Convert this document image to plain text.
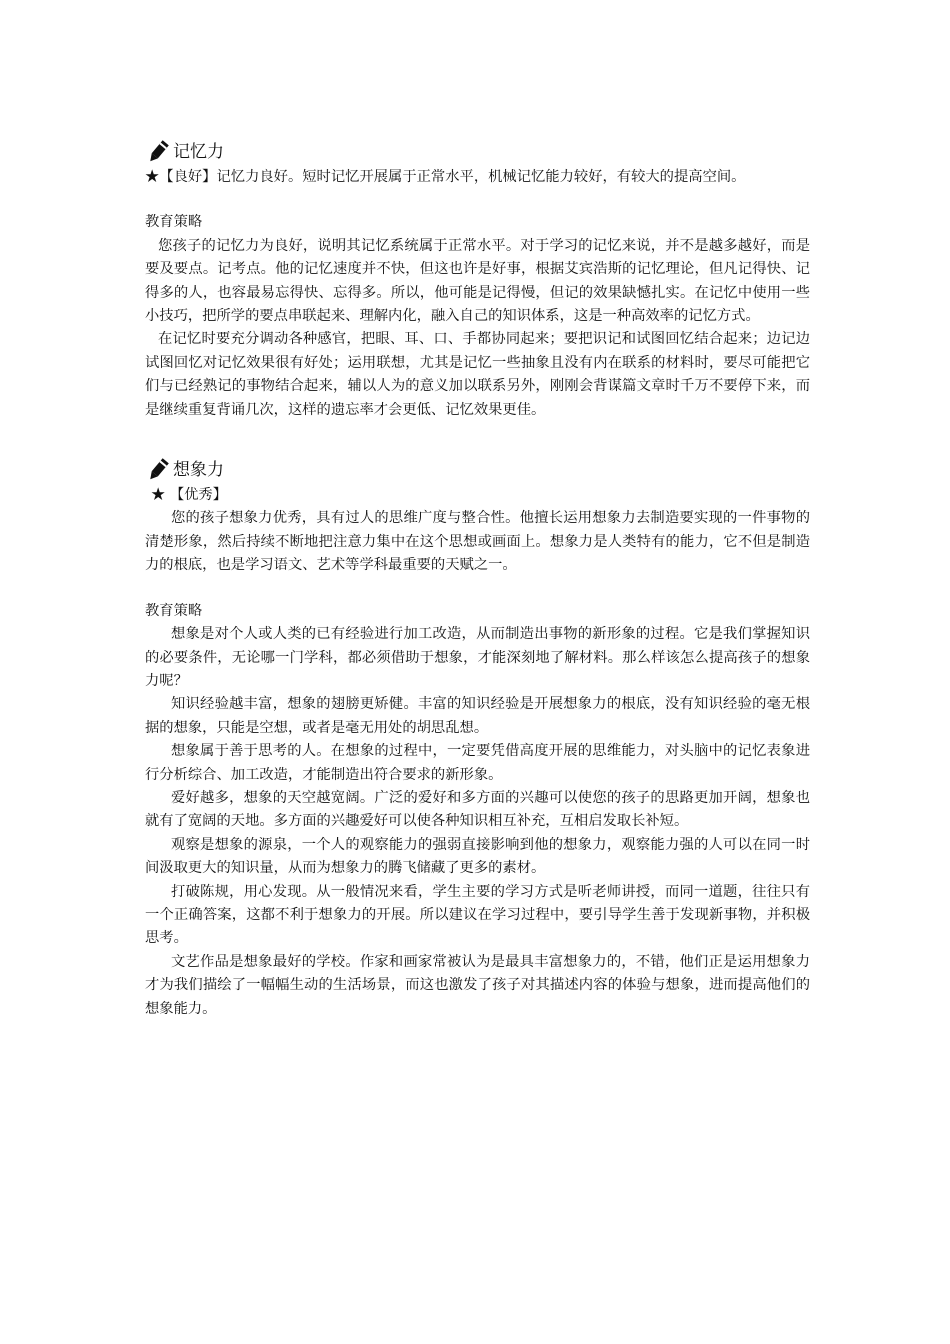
记忆力

★【良好】记忆力良好。短时记忆开展属于正常水平，机械记忆能力较好，有较大的提高空间。

教育策略

您孩子的记忆力为良好，说明其记忆系统属于正常水平。对于学习的记忆来说，并不是越多越好，而是要及要点。记考点。他的记忆速度并不快，但这也许是好事，根据艾宾浩斯的记忆理论，但凡记得快、记得多的人，也容最易忘得快、忘得多。所以，他可能是记得慢，但记的效果缺憾扎实。在记忆中使用一些小技巧，把所学的要点串联起来、理解内化，融入自己的知识体系，这是一种高效率的记忆方式。

在记忆时要充分调动各种感官，把眼、耳、口、手都协同起来；要把识记和试图回忆结合起来；边记边试图回忆对记忆效果很有好处；运用联想，尤其是记忆一些抽象且没有内在联系的材料时，要尽可能把它们与已经熟记的事物结合起来，辅以人为的意义加以联系另外，刚刚会背谋篇文章时千万不要停下来，而是继续重复背诵几次，这样的遗忘率才会更低、记忆效果更佳。

想象力

★ 【优秀】

您的孩子想象力优秀，具有过人的思维广度与整合性。他擅长运用想象力去制造要实现的一件事物的清楚形象，然后持续不断地把注意力集中在这个思想或画面上。想象力是人类特有的能力，它不但是制造力的根底，也是学习语文、艺术等学科最重要的天赋之一。

教育策略

想象是对个人或人类的已有经验进行加工改造，从而制造出事物的新形象的过程。它是我们掌握知识的必要条件，无论哪一门学科，都必须借助于想象，才能深刻地了解材料。那么样该怎么提高孩子的想象力呢？

知识经验越丰富，想象的翅膀更矫健。丰富的知识经验是开展想象力的根底，没有知识经验的毫无根据的想象，只能是空想，或者是毫无用处的胡思乱想。

想象属于善于思考的人。在想象的过程中，一定要凭借高度开展的思维能力，对头脑中的记忆表象进行分析综合、加工改造，才能制造出符合要求的新形象。

爱好越多，想象的天空越宽阔。广泛的爱好和多方面的兴趣可以使您的孩子的思路更加开阔，想象也就有了宽阔的天地。多方面的兴趣爱好可以使各种知识相互补充，互相启发取长补短。

观察是想象的源泉，一个人的观察能力的强弱直接影响到他的想象力，观察能力强的人可以在同一时间汲取更大的知识量，从而为想象力的腾飞储藏了更多的素材。

打破陈规，用心发现。从一般情况来看，学生主要的学习方式是听老师讲授，而同一道题，往往只有一个正确答案，这都不利于想象力的开展。所以建议在学习过程中，要引导学生善于发现新事物，并积极思考。

文艺作品是想象最好的学校。作家和画家常被认为是最具丰富想象力的，不错，他们正是运用想象力才为我们描绘了一幅幅生动的生活场景，而这也激发了孩子对其描述内容的体验与想象，进而提高他们的想象能力。
